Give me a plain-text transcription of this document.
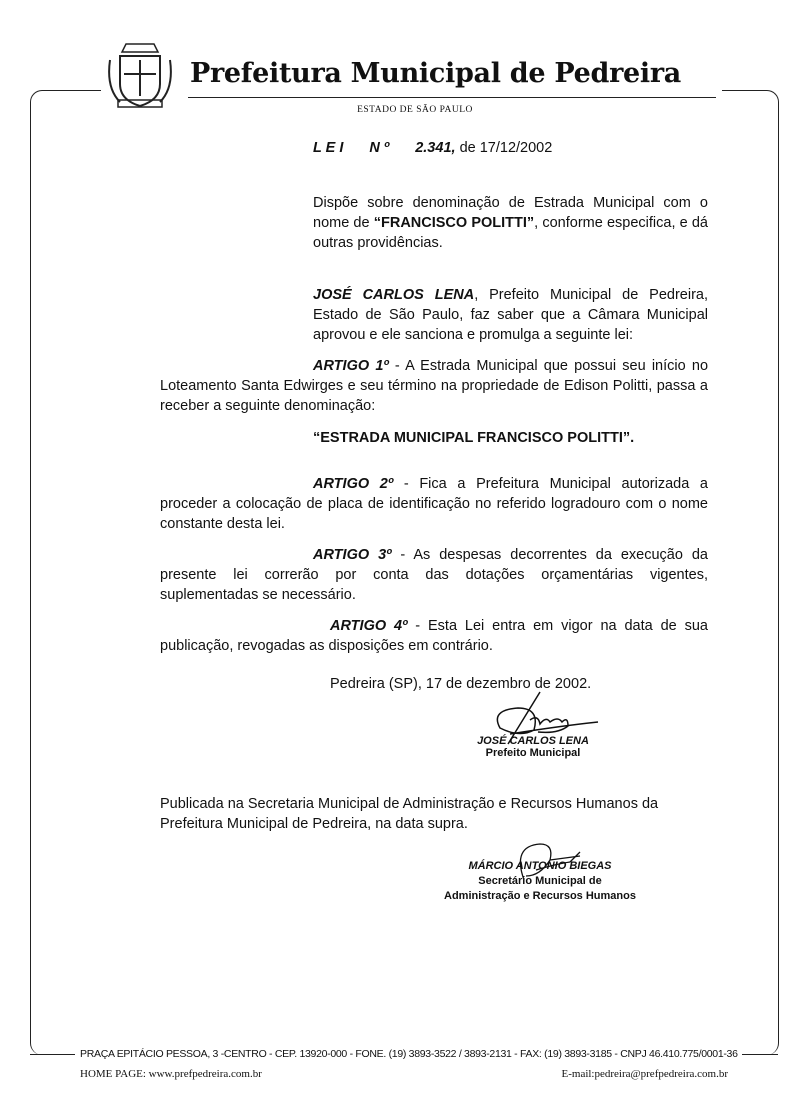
Prefeitura Municipal de Pedreira
ESTADO DE SÃO PAULO
L E I N º 2.341, de 17/12/2002
Dispõe sobre denominação de Estrada Municipal com o nome de “FRANCISCO POLITTI”, conforme especifica, e dá outras providências.
JOSÉ CARLOS LENA, Prefeito Municipal de Pedreira, Estado de São Paulo, faz saber que a Câmara Municipal aprovou e ele sanciona e promulga a seguinte lei:
ARTIGO 1º - A Estrada Municipal que possui seu início no Loteamento Santa Edwirges e seu término na propriedade de Edison Politti, passa a receber a seguinte denominação:
“ESTRADA MUNICIPAL FRANCISCO POLITTI”.
ARTIGO 2º - Fica a Prefeitura Municipal autorizada a proceder a colocação de placa de identificação no referido logradouro com o nome constante desta lei.
ARTIGO 3º - As despesas decorrentes da execução da presente lei correrão por conta das dotações orçamentárias vigentes, suplementadas se necessário.
ARTIGO 4º - Esta Lei entra em vigor na data de sua publicação, revogadas as disposições em contrário.
Pedreira (SP), 17 de dezembro de 2002.
JOSÉ CARLOS LENA
Prefeito Municipal
Publicada na Secretaria Municipal de Administração e Recursos Humanos da Prefeitura Municipal de Pedreira, na data supra.
MÁRCIO ANTONIO BIEGAS
Secretário Municipal de
Administração e Recursos Humanos
PRAÇA EPITÁCIO PESSOA, 3 -CENTRO - CEP. 13920-000 - FONE. (19) 3893-3522 / 3893-2131 - FAX: (19) 3893-3185 - CNPJ 46.410.775/0001-36
HOME PAGE: www.prefpedreira.com.br	E-mail:pedreira@prefpedreira.com.br
